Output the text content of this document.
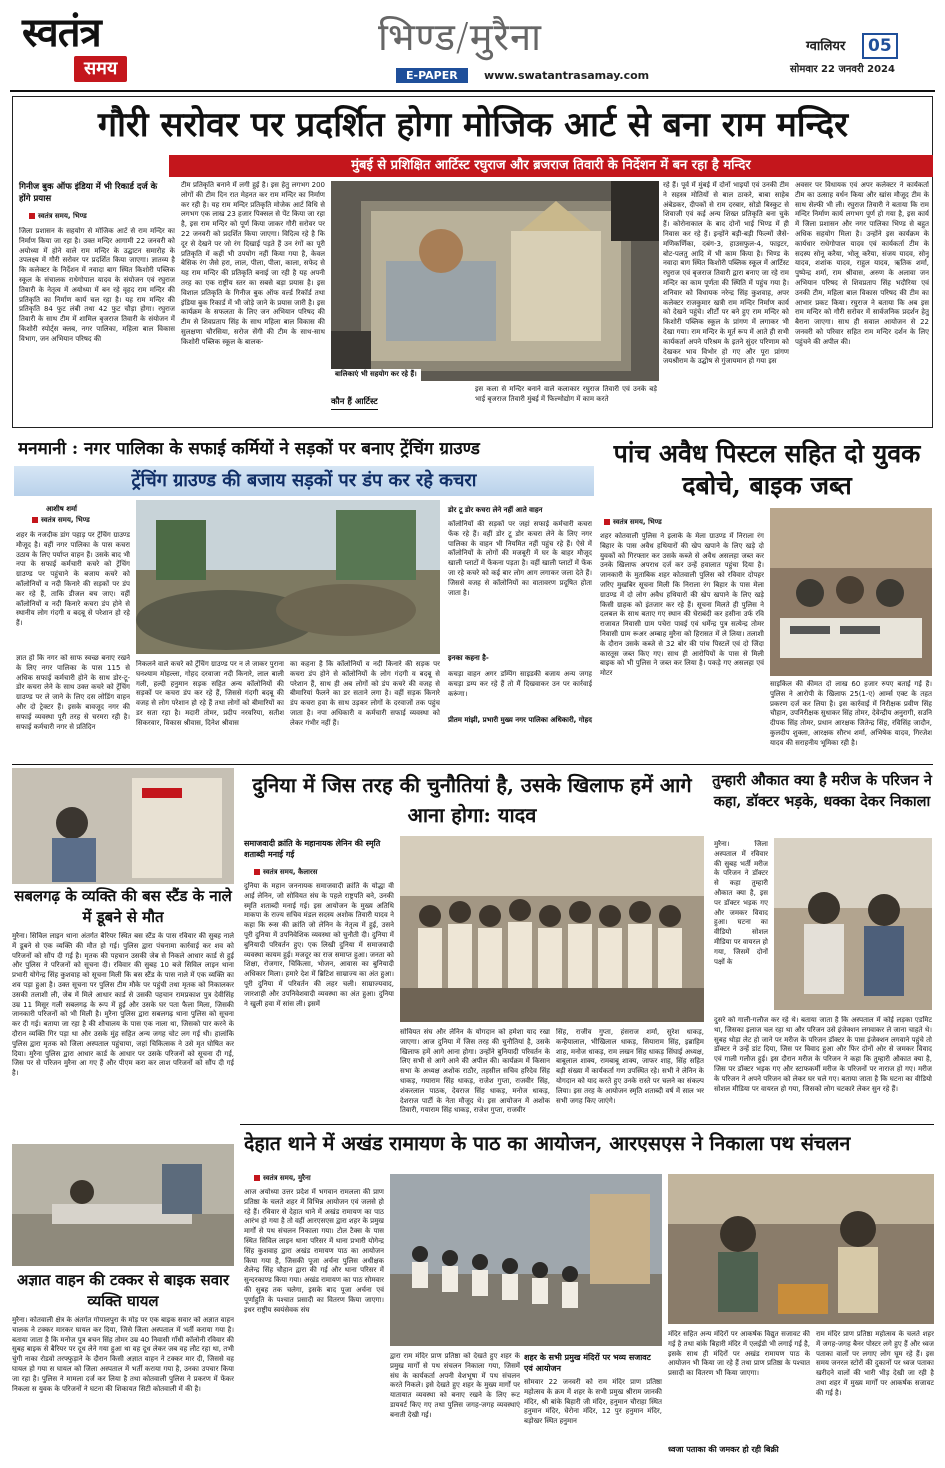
स्वतंत्र
समय
भिण्ड/मुरैना
E-PAPER	www.swatantrasamay.com
ग्वालियर	05
सोमवार 22 जनवरी 2024
गौरी सरोवर पर प्रदर्शित होगा मोजिक आर्ट से बना राम मन्दिर
मुंबई से प्रशिक्षित आर्टिस्ट रघुराज और ब्रजराज तिवारी के निर्देशन में बन रहा है मन्दिर
गिनीज बुक ऑफ इंडिया में भी रिकार्ड दर्ज के होंगे प्रयास
स्वतंत्र समय, भिण्ड
जिला प्रशासन के सहयोग से मोजिक आर्ट से राम मन्दिर का निर्माण किया जा रहा है। उक्त मन्दिर आगामी 22 जनवरी को अयोध्या में होने वाले राम मन्दिर के उद्घाटन समारोह के उपलक्ष्य में गौरी सरोवर पर प्रदर्शित किया जाएगा। ज्ञातव्य है कि कलेक्टर के निर्देशन में नवादा बाग स्थित किशोरी पब्लिक स्कूल के संचालक राधेगोपाल यादव के संयोजन एवं रघुराज तिवारी के नेतृत्व में अयोध्या में बन रहे वृहद राम मन्दिर की प्रतिकृति का निर्माण कार्य चल रहा है। यह राम मन्दिर की प्रतिकृति 84 फुट लंबी तथा 42 फुट चौड़ा होगा। रघुराज तिवारी के साथ टीम में शामिल बृजराज तिवारी के संयोजन में किशोरी स्पोर्ट्स क्लब, नगर पालिका, महिला बाल विकास विभाग, जन अभियान परिषद की
टीम प्रतिकृति बनाने में लगी हुई है। इस हेतु लगभग 200 लोगों की टीम दिन रात मेहनत कर राम मन्दिर का निर्माण कर रही है। यह राम मन्दिर प्रतिकृति मोजेक आर्ट विधि से लगभग एक लाख 23 हजार पिक्सल से पेंट किया जा रहा है, इस राम मन्दिर को पूर्ण किया जाकर गौरी सरोवर पर 22 जनवरी को प्रदर्शित किया जाएगा। विदित्व रहे है कि दूर से देखने पर जो रंग दिखाई पड़ते हैं उन रंगों का पूरी प्रतिकृति में कहीं भी उपयोग नहीं किया गया है, केवल बेसिक रंग जैसे हरा, लाल, पीला, पीला, काला, सफेद से यह राम मन्दिर की प्रतिकृति बनाई जा रही है यह अपनी तरह का एक राष्ट्रीय स्तर का सबसे बड़ा प्रयास है। इस विशाल प्रतिकृति के गिनीज बुक ऑफ वर्ल्ड रिकॉर्ड तथा इंडिया बुक रिकार्ड में भी जोड़े जाने के प्रयास जारी है। इस कार्यक्रम के सफलता के लिए जन अभियान परिषद की टीम से शिवप्रताप सिंह के साथ महिला बाल विकास की सुलक्षणा चौरसिया, सरोज सेंगी की टीम के साथ-साथ किशोरी पब्लिक स्कूल के बालक-
बालिकाएं भी सहयोग कर रहे हैं।
कौन हैं आर्टिस्ट
इस कला से मन्दिर बनाने वाले कलाकार रघुराज तिवारी एवं उनके बड़े भाई बृजराज तिवारी मुंबई में फिल्मोद्योग में काम करते
रहे हैं। पूर्व में मुंबई में दोनों भाइयों एवं उनकी टीम ने सहस्त्र मोतियों से बाल ठाकरे, बाबा साहेब अंबेडकर, दीपकों से राम दरबार, सोडो बिस्कुट से शिवाजी एवं कई अन्य शिख्त प्रतिकृति बना चुके हैं। कोरोनाकाल के बाद दोनों भाई भिण्ड में ही निवास कर रहे हैं। इन्होंने बड़ी-बड़ी फिल्मों जैसे- मणिकर्णिका, दबंग-3, हाउसफुल-4, फाइटर, बोट-पलतु आदि में भी काम किया है। भिण्ड के नवादा बाग स्थित किशोरी पब्लिक स्कूल में आर्टिस्ट रघुराज एवं बृजराज तिवारी द्वारा बनाए जा रहे राम मन्दिर का काम पूर्णता की स्थिति में पहुंच गया है। शनिवार को विधायक नरेन्द्र सिंह कुशवाह, अपर कलेक्टर राजकुमार खत्री राम मन्दिर निर्माण कार्य को देखने पहुंचे। शीर्टों पर बने हुए राम मन्दिर को किशोरी पब्लिक स्कूल के प्रांगण में लगाकर भी देखा गया। राम मन्दिर के मूर्त रूप में आते ही सभी कार्यकर्ता अपने परिश्रम के इतने सुंदर परिणाम को देखकर भाव विभोर हो गए और पूरा प्रांगण जयश्रीराम के उद्घोष से गुंजायमान हो गया इस
अवसर पर विधायक एवं अपर कलेक्टर ने कार्यकर्ता टीम का उत्साह वर्धन किया और खांस मौजूद टीम के साथ सेल्फी भी ली। रघुराज तिवारी ने बताया कि राम मन्दिर निर्माण कार्य लगभग पूर्ण हो गया है, इस कार्य में जिला प्रशासन और नगर पालिका भिण्ड से बहुत अधिक सहयोग मिला है। उन्होंने इस कार्यक्रम के कार्यधार राधेगोपाल यादव एवं कार्यकर्ता टीम के सदस्य सोनू करैया, भोलू करैया, संजय यादव, सोनू यादव, शशांक यादव, राहुल यादव, ऋतिक शर्मा, पुष्पेन्द्र शर्मा, राम श्रीवास, अरुण के अलावा जन अभियान परिषद से शिवप्रताप सिंह भदौरिया एवं उनकी टीम, महिला बाल विकास परिषद की टीम का आभार प्रकट किया। रघुराज ने बताया कि अब इस राम मन्दिर को गौरी सरोवर में सार्वजनिक प्रदर्शन हेतु बैराना जाएगा। साथ ही सवाल आयोजन से 22 जनवरी को परिवार सहित राम मन्दिर दर्शन के लिए पहुंचने की अपील की।
मनमानी : नगर पालिका के सफाई कर्मियों ने सड़कों पर बनाए ट्रेंचिंग ग्राउण्ड
ट्रेंचिंग ग्राउण्ड की बजाय सड़कों पर डंप कर रहे कचरा
आशीष शर्मा
स्वतंत्र समय, भिण्ड
शहर के नजदीक डांग पहाड़ पर ट्रेंचिंग ग्राउण्ड मौजूद है। वहीं नगर पालिका के पास कचरा उठाव के लिए पर्याप्त वाहन हैं। उसके बाद भी नपा के सफाई कर्मचारी कचरे को ट्रेंचिंग ग्राउण्ड पर पहुंचाने के बजाय कचरे को कॉलोनियों व नदी किनारे की सड़कों पर डंप कर रहे हैं, ताकि डीजल बच जाए। वहीं कॉलोनियों व नदी किनारे कचरा डंप होने से स्थानीय लोग गंदगी व बदबू से परेशान हो रहे हैं।
ज्ञात हो कि नगर को साफ स्वच्छ बनाए रखने के लिए नगर पालिका के पास 115 से अधिक सफाई कर्मचारी होने के साथ डोर-टू-डोर कचरा लेने के साथ उक्त कचरे को ट्रेंचिंग ग्राउण्ड पर ले जाने के लिए दस लोडिंग वाहन और दो ट्रेक्टर हैं। इसके बावजूद नगर की सफाई व्यवस्था पूरी तरह से चरमरा रही है। सफाई कर्मचारी नगर से प्रतिदिन
निकलने वाले कचरे को ट्रेंचिंग ग्राउण्ड पर न ले जाकर पुराना घनश्याम मोहल्ला, गोहद दरवाजा नदी किनारे, लाल बाली गली, हल्दी हनुमान सड़क सहित अन्य कॉलोनियों की सड़कों पर कचरा डंप कर रहे हैं, जिससे गंदगी बदबू की वजह से लोग परेशान हो रहे हैं तथा लोगों को बीमारियों का डर सता रहा है। मदारी तोमर, प्रदीप नरवरिया, सतीश सिकरवार, विकास श्रीवास, दिनेश श्रीवास
का कहना है कि कॉलोनियों व नदी किनारे की सड़क पर कचरा डंप होने से कॉलोनियों के लोग गंदगी व बदबू से परेशान हैं, साथ ही अब लोगों को डंप कचरे की वजह से बीमारियां फैलने का डर सताने लगा है। वहीं सड़क किनारे डंप कचरा हवा के साथ उड़कर लोगों के दरवाजों तक पहुंच जाता है। नपा अधिकारी व कर्मचारी सफाई व्यवस्था को लेकर गंभीर नहीं हैं।
डोर टू डोर कचरा लेने नहीं आते वाहन
कॉलोनियों की सड़कों पर जहां सफाई कर्मचारी कचरा फेंक रहे हैं। वहीं डोर टू डोर कचरा लेने के लिए नगर पालिका के वाहन भी नियमित नहीं पहुंच रहे हैं। ऐसे में कॉलोनियों के लोगों की मजबूरी में घर के बाहर मौजूद खाली प्लाटों में फेंकना पड़ता है। वहीं खाली प्लाटों में फेंक जा रहे कचरे को कई बार लोग आग लगाकर जला देते हैं। जिससे वजह से कॉलोनियों का वातावरण प्रदूषित होता जाता है।
इनका कहना है-
कचड़ा वाहन अगर डम्पिंग साइडकी बजाय अन्य जगह कचड़ा डम्प कर रहे हैं तो मैं दिखवाकर उन पर कार्रवाई करूंगा।
प्रीतम मांझी, प्रभारी मुख्य नगर पालिका अधिकारी, गोहद
पांच अवैध पिस्टल सहित दो युवक दबोचे, बाइक जब्त
स्वतंत्र समय, भिण्ड
शहर कोतवाली पुलिस ने इलाके के मेला ग्राउण्ड में निराला रंग बिहार के पास अवैध हथियारों की खेप खपाने के लिए खड़े दो युवकों को गिरफ्तार कर उसके कब्जे से अवैध असलहा जब्त कर उनके खिलाफ अपराध दर्ज कर उन्हें हवालात पहुंचा दिया है। जानकारी के मुताबिक शहर कोतवाली पुलिस को रविवार दोपहर जरिए मुखबिर सूचना मिली कि निराला रंग बिहार के पास मेला ग्राउण्ड में दो लोग अवैध हथियारों की खेप खपाने के लिए खड़े किसी ग्राहक को इंतजार कर रहे हैं। सूचना मिलते ही पुलिस ने दलबल के साथ बताए गए स्थान की घेराबंदी कर हसीना उर्फ रवि राजावत निवासी ग्राम पचेरा पावई एवं धर्मेन्द्र पुत्र सत्येन्द्र तोमर निवासी ग्राम रूअर अम्बाह मुरैना को हिरासत में ले लिया। तलाशी के दौरान उसके कब्जे से 32 बोर की पांच पिस्टलें एवं दो जिंदा कारतूस जब्त किए गए। साथ ही आरोपियों के पास से मिली बाइक को भी पुलिस ने जब्त कर लिया है। पकड़े गए असलहा एवं मोटर
साइकिल की कीमत दो लाख 60 हजार रुपए बताई गई है। पुलिस ने आरोपी के खिलाफ 25(1-ए) आर्म्स एक्ट के तहत प्रकरण दर्ज कर लिया है। इस कार्रवाई में निरीक्षक प्रवीण सिंह चौहान, उपनिरीक्षक सुधाकर सिंह तोमर, देवेन्द्रीय अनुरागी, सउनि दीपक सिंह तोमर, प्रधान आरक्षक जितेन्द्र सिंह, रविसिंह जादौन, कुलदीप शुक्ला, आरक्षक सौरभ शर्मा, अभिषेक यादव, गिरजेश यादव की सराहनीय भूमिका रही है।
सबलगढ़ के व्यक्ति की बस स्टैंड के नाले में डूबने से मौत
मुरैना। सिविल लाइन थाना अंतर्गत बैरियर स्थित बस स्टैंड के पास रविवार की सुबह नाले में डूबने से एक व्यक्ति की मौत हो गई। पुलिस द्वारा पंचनामा कार्रवाई कर शव को परिजनों को सौंप दी गई है। मृतक की पहचान उसकी जेब से निकले आधार कार्ड से हुई और पुलिस ने परिजनों को सूचना दी। रविवार की सुबह 10 बजे सिविल लाइन थाना प्रभारी योगेन्द्र सिंह कुशवाह को सूचना मिली कि बस स्टैंड के पास नाले में एक व्यक्ति का शव पड़ा हुआ है। उक्त सूचना पर पुलिस टीम मौके पर पहुंची तथा मृतक को निकालकर उसकी तलाशी ली, जेब में मिले आधार कार्ड से उसकी पहचान रामप्रकाश पुत्र देवीसिंह उम्र 11 मिसूर गली सबलगढ़ के रूप में हुई और उसके घर पता फैला मिला, जिसकी जानकारी परिजनों को भी मिली है। मुरैना पुलिस द्वारा सबलगढ़ थाना पुलिस को सूचना कर दी गई। बताया जा रहा है की शौचालय के पास एक नाला था, जिसको पार करने के दौरान व्यक्ति गिर पड़ा था और उसके मुंह सहित अन्य जगह चोट लग गई थी। हालांकि पुलिस द्वारा मृतक को जिला अस्पताल पहुंचाया, जहां चिकित्सक ने उसे मृत घोषित कर दिया। मुरैना पुलिस द्वारा आधार कार्ड के आधार पर उसके परिजनों को सूचना दी गई, जिस पर से परिजन मुरैना आ गए हैं और पीएम करा कर लाश परिजनों को सौंप दी गई है।
दुनिया में जिस तरह की चुनौतियां है, उसके खिलाफ हमें आगे आना होगा: यादव
समाजवादी क्रांति के महानायक लेनिन की स्मृति शताब्दी मनाई गई
स्वतंत्र समय, कैलारस
दुनिया के महान जननायक समाजवादी क्रांति के योद्धा वी आई लेनिन, जो सोवियत संघ के पहले राष्ट्रपति बने, उनकी स्मृति शताब्दी मनाई गई। इस आयोजन के मुख्य अतिथि माकपा के राज्य सचिव मंडल सदस्य अशोक तिवारी यादव ने कहा कि रूस की क्रांति जो लेनिन के नेतृत्व में हुई, उसने पूरी दुनिया में उपनिवेशिक व्यवस्था को चुनौती दी। दुनिया में बुनियादी परिवर्तन हुए। एक लिखी दुनिया में समाजवादी व्यवस्था कायम हुई। मजदूर का राज समाप्त हुआ। जनता को शिक्षा, रोजगार, चिकित्सा, भोजन, आवास का बुनियादी अधिकार मिला। हमारे देश में ब्रिटिश साम्राज्य का अंत हुआ। पूरी दुनिया में परिवर्तन की लहर चली। साम्राज्यवाद, जारशाही और उपनिवेशवादी व्यवस्था का अंत हुआ। दुनिया ने खुली हवा में सांस ली। इसमें
सोवियत संघ और लेनिन के योगदान को हमेशा याद रखा जाएगा। आज दुनिया में जिस तरह की चुनौतियां है, उसके खिलाफ हमें आगे आना होगा। उन्होंने बुनियादी परिवर्तन के लिए सभी से आगे आने की अपील की। कार्यक्रम में किसान सभा के अध्यक्ष अशोक राठौर, तहसील सचिव हरिदेव सिंह धाकड़, गयाराम सिंह धाकड़, राजेश गुप्ता, राजवीर सिंह, शंकरलाल पाठक, देवराज सिंह धाकड़, मनोज धाकड़, देशराज पार्टी के नेता मौजूद थे। इस आयोजन में अशोक तिवारी, गयाराम सिंह धाकड़, राजेश गुप्ता, राजवीर
सिंह, राजीव गुप्ता, हंसराज शर्मा, सुरेश धाकड़, कन्हैयालाल, भीखिलाल धाकड़, सियाराम सिंह, इब्राहिम शाह, मनोज धाकड़, राम लखन सिंह धाकड़ सिंघाई अध्यक्ष, बाबूलाल शाक्य, रामबाबू शाक्य, जाफर शाह, सिंह सहित बड़ी संख्या में कार्यकर्ता गण उपस्थित रहे। सभी ने लेनिन के योगदान को याद करते हुए उनके रास्ते पर चलने का संकल्प लिया। इस तरह के आयोजन स्मृति शताब्दी वर्ष में साल भर सभी जगह किए जाएंगे।
तुम्हारी औकात क्या है मरीज के परिजन ने कहा, डॉक्टर भड़के, धक्का देकर निकाला
मुरैना। जिला अस्पताल में रविवार की सुबह भर्ती मरीज के परिजन ने डॉक्टर से कहा तुम्हारी औकात क्या है, इस पर डॉक्टर भड़क गए और जमकर विवाद हुआ। घटना का वीडियो सोशल मीडिया पर वायरल हो गया, जिसमें दोनों पक्षों के
दुसरे को गाली-गलौज कर रहे थे। बताया जाता है कि अस्पताल में कोई लड़का एडमिट था, जिसका इलाज चल रहा था और परिजन उसे इंजेक्शन लगवाकर ले जाना चाहते थे। सुबह थोड़ा लेट हो जाने पर मरीज के परिजन डॉक्टर के पास इंजेक्शन लगवाने पहुंचे तो डॉक्टर ने उन्हें डांट दिया, जिस पर विवाद हुआ और फिर दोनों ओर से जमकर विवाद एवं गाली गलौज हुई। इस दौरान मरीज के परिजन ने कहा कि तुम्हारी औकात क्या है, जिस पर डॉक्टर भड़क गए और स्टाफकर्मी मरीज के परिजनों पर नाराज हो गए। मरीज के परिजन ने अपने परिजन को लेकर घर चले गए। बताया जाता है कि घटना का वीडियो सोशल मीडिया पर वायरल हो गया, जिसको लोग चटकारे लेकर सुन रहे हैं।
देहात थाने में अखंड रामायण के पाठ का आयोजन, आरएसएस ने निकाला पथ संचलन
स्वतंत्र समय, मुरैना
आज अयोध्या उत्तर प्रदेश में भगवान रामलला की प्राण प्रतिष्ठा के चलते शहर में विभिन्न आयोजन एवं जलसे हो रहे हैं। रविवार से देहात थाने में अखंड रामायण का पाठ आरंभ हो गया है तो वहीं आरएसएस द्वारा शहर के प्रमुख मार्गों से पथ संचलन निकाला गया। टोल टैक्स के पास स्थित सिविल लाइन थाना परिसर में थाना प्रभारी योगेन्द्र सिंह कुशवाह द्वारा अखंड रामायण पाठ का आयोजन किया गया है, जिसकी पूजा अर्चना पुलिस अधीक्षक शैलेन्द्र सिंह चौहान द्वारा की गई और थाना परिसर में सुन्दरकाण्ड किया गया। अखंड रामायण का पाठ सोमवार की सुबह तक चलेगा, इसके बाद पूजा अर्चना एवं पूर्णाहुति के पश्चात प्रसादी का वितरण किया जाएगा। इधर राष्ट्रीय स्वयंसेवक संघ
द्वारा राम मंदिर प्राण प्रतिष्ठा को देखते हुए शहर के प्रमुख मार्गों से पथ संचलन निकाला गया, जिसमें संघ के कार्यकर्ता अपनी वेशभूषा में पथ संचलन करते निकले। इसे देखते हुए शहर के मुख्य मार्गों पर यातायात व्यवस्था को बनाए रखने के लिए रूट डायवर्ट किए गए तथा पुलिस जगह-जगह व्यवस्थाएं बनाती देखी गई।
शहर के सभी प्रमुख मंदिरों पर भव्य सजावट एवं आयोजन
सोमवार 22 जनवरी को राम मंदिर प्राण प्रतिष्ठा महोत्सव के क्रम में शहर के सभी प्रमुख श्रीराम जानकी मंदिर, श्री बांके बिहारी जी मंदिर, हनुमान चौराहा स्थित हनुमान मंदिर, घेरोना मंदिर, 12 पुर हनुमान मंदिर, बड़ोखर स्थित हनुमान
मंदिर सहित अन्य मंदिरों पर आकर्षक विद्युत सजावट की गई है तथा बांके बिहारी मंदिर में एलईडी भी लगाई गई है, इसके साथ ही मंदिरों पर अखंड रामायण पाठ के आयोजन भी किया जा रहे हैं तथा प्राण प्रतिष्ठा के पश्चात प्रसादी का वितरण भी किया जाएगा।
ध्वजा पताका की जमकर हो रही बिक्री
राम मंदिर प्राण प्रतिष्ठा महोत्सव के चलते शहर में जगह-जगह बैनर पोस्टर लगे हुए हैं और ध्वज पताका वालों पर लगाए लोग घूम रहे हैं। इस समय जनरल स्टोरों की दुकानों पर ध्वज पताका खरीदने वालों की भारी भीड़ देखी जा रही है तथा शहर में मुख्य मार्गों पर आकर्षक सजावट की गई है।
अज्ञात वाहन की टक्कर से बाइक सवार व्यक्ति घायल
मुरैना। कोतवाली क्षेत्र के अंतर्गत गोपालपुरा के मोड़ पर एक बाइक सवार को अज्ञात वाहन चालक ने टक्कर मारकर घायल कर दिया, जिसे जिला अस्पताल में भर्ती कराया गया है। बताया जाता है कि मनोज पुत्र बचन सिंह तोमर उम्र 40 निवासी गाँधी कॉलोनी रविवार की सुबह बाइक से बैरियर पर दूध लेने गया हुआ था वह दूध लेकर जब वह लौट रहा था, तभी चुंगी नाका रोडवो तरफ्फुड़ाने के दौरान किसी अज्ञात वाहन ने टक्कर मार दी, जिससे वह घायल हो गया स घायल को जिला अस्पताल में भर्ती कराया गया है, उनका उपचार किया जा रहा है। पुलिस ने मामला दर्ज कर लिया है तथा कोतवाली पुलिस ने प्रकरण में फेंकर निकला स युवक के परिजनों ने घटना की शिकायत सिटी कोतवाली में की है।
